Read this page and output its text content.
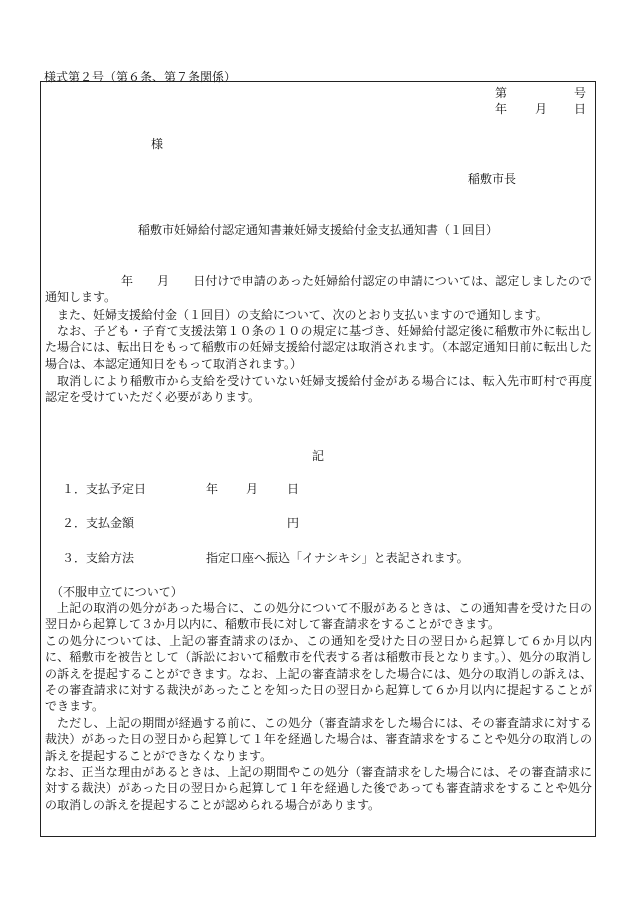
様式第２号（第６条、第７条関係）
第	号
年 月 日
様
稲敷市長
稲敷市妊婦給付認定通知書兼妊婦支援給付金支払通知書（１回目）
年 月 日付けで申請のあった妊婦給付認定の申請については、認定しましたので通知します。
また、妊婦支援給付金（１回目）の支給について、次のとおり支払いますので通知します。
なお、子ども・子育て支援法第１０条の１０の規定に基づき、妊婦給付認定後に稲敷市外に転出した場合には、転出日をもって稲敷市の妊婦支援給付認定は取消されます。（本認定通知日前に転出した場合は、本認定通知日をもって取消されます。）
取消しにより稲敷市から支給を受けていない妊婦支援給付金がある場合には、転入先市町村で再度認定を受けていただく必要があります。
記
１．支払予定日	年 月 日
２．支払金額	円
３．支給方法	指定口座へ振込「イナシキシ」と表記されます。
（不服申立てについて）
上記の取消の処分があった場合に、この処分について不服があるときは、この通知書を受けた日の翌日から起算して３か月以内に、稲敷市長に対して審査請求をすることができます。
この処分については、上記の審査請求のほか、この通知を受けた日の翌日から起算して６か月以内に、稲敷市を被告として（訴訟において稲敷市を代表する者は稲敷市長となります。）、処分の取消しの訴えを提起することができます。なお、上記の審査請求をした場合には、処分の取消しの訴えは、その審査請求に対する裁決があったことを知った日の翌日から起算して６か月以内に提起することができます。
ただし、上記の期間が経過する前に、この処分（審査請求をした場合には、その審査請求に対する裁決）があった日の翌日から起算して１年を経過した場合は、審査請求をすることや処分の取消しの訴えを提起することができなくなります。
なお、正当な理由があるときは、上記の期間やこの処分（審査請求をした場合には、その審査請求に対する裁決）があった日の翌日から起算して１年を経過した後であっても審査請求をすることや処分の取消しの訴えを提起することが認められる場合があります。
